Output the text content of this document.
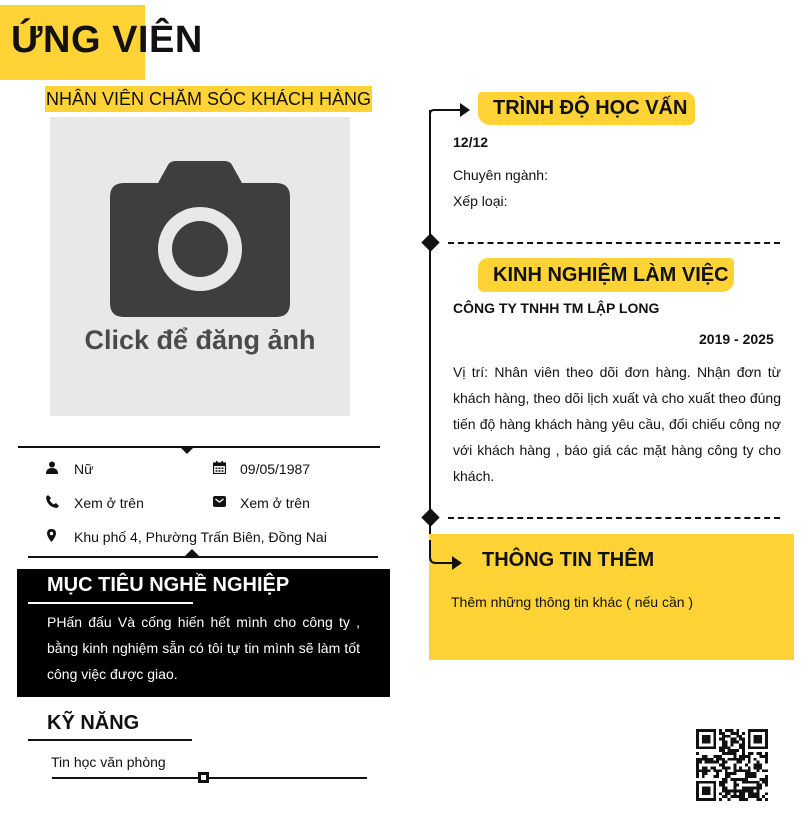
ỨNG VIÊN
NHÂN VIÊN CHĂM SÓC KHÁCH HÀNG
Click để đăng ảnh
Nữ	09/05/1987
Xem ở trên	Xem ở trên
Khu phố 4, Phường Trấn Biên, Đồng Nai
MỤC TIÊU NGHỀ NGHIỆP
PHấn đấu Và cống hiến hết mình cho công ty , bằng kinh nghiệm sẵn có tôi tự tin mình sẽ làm tốt công việc được giao.
KỸ NĂNG
Tin học văn phòng
TRÌNH ĐỘ HỌC VẤN
12/12
Chuyên ngành:
Xếp loại:
KINH NGHIỆM LÀM VIỆC
CÔNG TY TNHH TM LẬP LONG
2019 - 2025
Vị trí: Nhân viên theo dõi đơn hàng. Nhận đơn từ khách hàng, theo dõi lịch xuất và cho xuất theo đúng tiến độ hàng khách hàng yêu cầu, đối chiếu công nợ với khách hàng , báo giá các mặt hàng công ty cho khách.
THÔNG TIN THÊM
Thêm những thông tin khác ( nếu cần )
